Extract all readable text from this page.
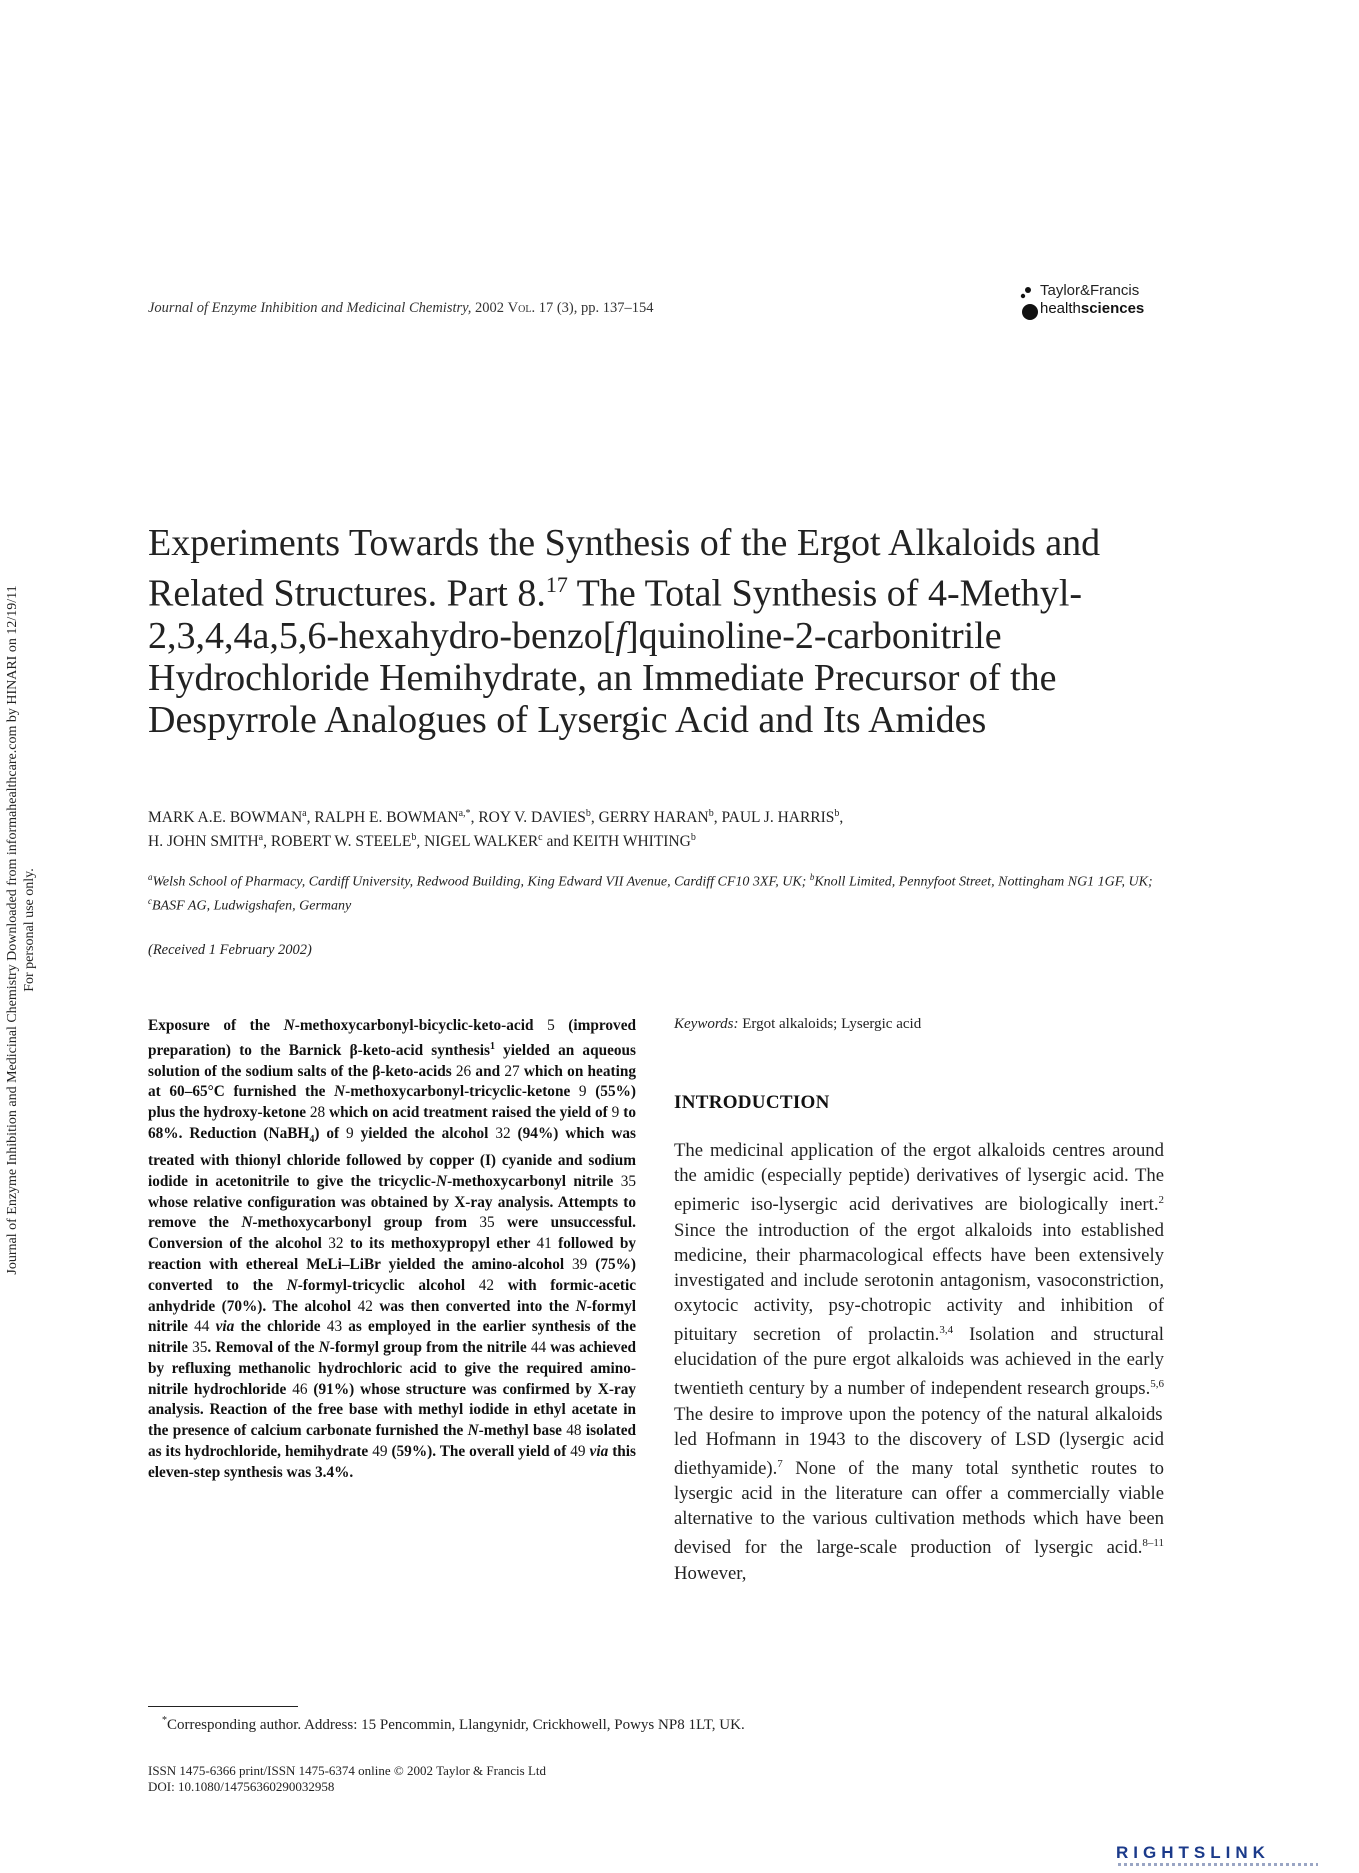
Journal of Enzyme Inhibition and Medicinal Chemistry, 2002 Vol. 17 (3), pp. 137–154
Taylor&Francis
healthsciences
Journal of Enzyme Inhibition and Medicinal Chemistry Downloaded from informahealthcare.com by HINARI on 12/19/11 For personal use only.
Experiments Towards the Synthesis of the Ergot Alkaloids and Related Structures. Part 8.17 The Total Synthesis of 4-Methyl-2,3,4,4a,5,6-hexahydro-benzo[f]quinoline-2-carbonitrile Hydrochloride Hemihydrate, an Immediate Precursor of the Despyrrole Analogues of Lysergic Acid and Its Amides
MARK A.E. BOWMAN$^a$, RALPH E. $BOWMAN^{a,*}$, ROY V. DAVIES$^b$, GERRY HARAN$^b$, PAUL J. HARRIS$^b$,
H. JOHN SMITH$^a$, ROBERT W. STEELE$^b$, NIGEL WALKER$^c$ and KEITH WHITING$^b$
$^a$Welsh School of Pharmacy, Cardiff University, Redwood Building, King Edward VII Avenue, Cardiff CF10 3XF, UK; $^b$Knoll Limited, Pennyfoot Street, Nottingham NG1 1GF, UK; $^c$BASF AG, Ludwigshafen, Germany
(Received 1 February 2002)
Exposure of the N-methoxycarbonyl-bicyclic-keto-acid 5 (improved preparation) to the Barnick β-keto-acid synthesis$^1$ yielded an aqueous solution of the sodium salts of the β-keto-acids 26 and 27 which on heating at 60–65°C furnished the N-methoxycarbonyl-tricyclic-ketone 9 (55%) plus the hydroxy-ketone 28 which on acid treatment raised the yield of 9 to 68%. Reduction (NaBH$_4$) of 9 yielded the alcohol 32 (94%) which was treated with thionyl chloride followed by copper (I) cyanide and sodium iodide in acetonitrile to give the tricyclic-N-methoxycarbonyl nitrile 35 whose relative configuration was obtained by X-ray analysis. Attempts to remove the N-methoxycarbonyl group from 35 were unsuccessful. Conversion of the alcohol 32 to its methoxypropyl ether 41 followed by reaction with ethereal MeLi–LiBr yielded the amino-alcohol 39 (75%) converted to the N-formyl-tricyclic alcohol 42 with formic-acetic anhydride (70%). The alcohol 42 was then converted into the N-formyl nitrile 44 via the chloride 43 as employed in the earlier synthesis of the nitrile 35. Removal of the N-formyl group from the nitrile 44 was achieved by refluxing methanolic hydrochloric acid to give the required amino-nitrile hydrochloride 46 (91%) whose structure was confirmed by X-ray analysis. Reaction of the free base with methyl iodide in ethyl acetate in the presence of calcium carbonate furnished the N-methyl base 48 isolated as its hydrochloride, hemihydrate 49 (59%). The overall yield of 49 via this eleven-step synthesis was 3.4%.
Keywords: Ergot alkaloids; Lysergic acid
INTRODUCTION
The medicinal application of the ergot alkaloids centres around the amidic (especially peptide) derivatives of lysergic acid. The epimeric iso-lysergic acid derivatives are biologically inert.$^2$ Since the introduction of the ergot alkaloids into established medicine, their pharmacological effects have been extensively investigated and include serotonin antagonism, vasoconstriction, oxytocic activity, psy-chotropic activity and inhibition of pituitary secretion of prolactin.$^{3,4}$ Isolation and structural elucidation of the pure ergot alkaloids was achieved in the early twentieth century by a number of independent research groups.$^{5,6}$ The desire to improve upon the potency of the natural alkaloids led Hofmann in 1943 to the discovery of LSD (lysergic acid diethyamide).$^7$ None of the many total synthetic routes to lysergic acid in the literature can offer a commercially viable alternative to the various cultivation methods which have been devised for the large-scale production of lysergic acid.$^{8-11}$ However,
*Corresponding author. Address: 15 Pencommin, Llangynidr, Crickhowell, Powys NP8 1LT, UK.
ISSN 1475-6366 print/ISSN 1475-6374 online © 2002 Taylor & Francis Ltd
DOI: 10.1080/14756360290032958
RIGHTSLINK
